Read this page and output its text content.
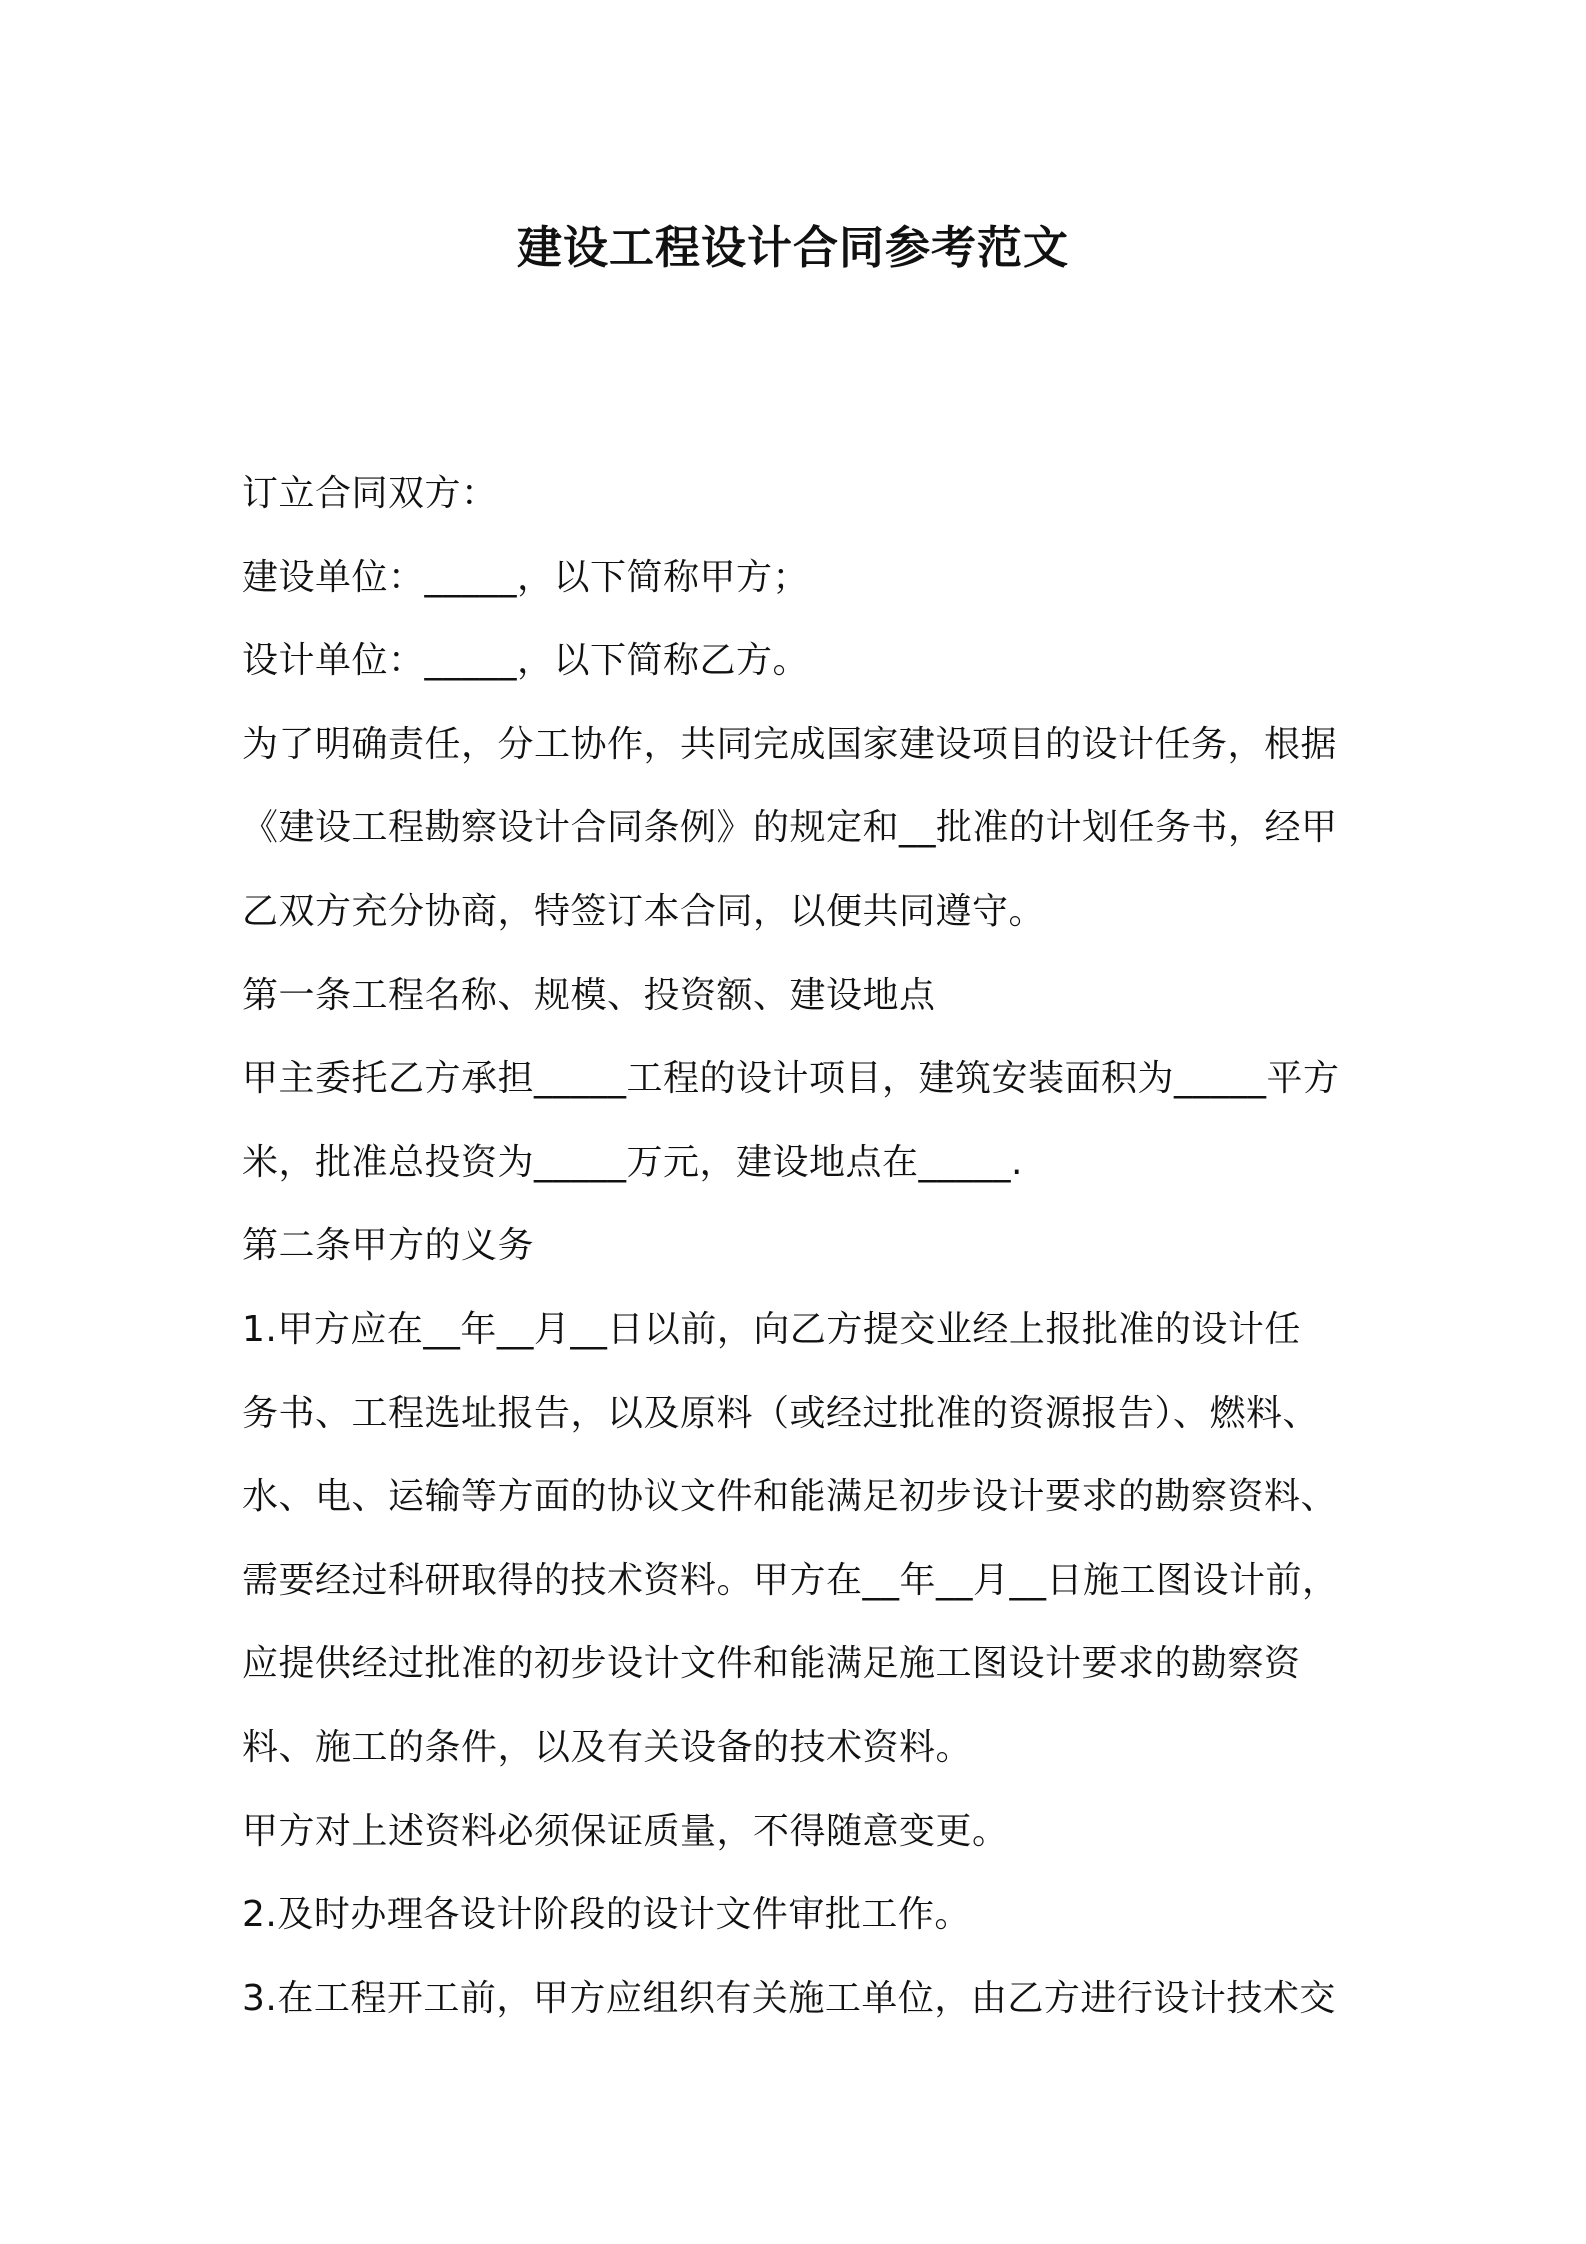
建设工程设计合同参考范文
订立合同双方：
建设单位：_____，以下简称甲方；
设计单位：_____，以下简称乙方。
为了明确责任，分工协作，共同完成国家建设项目的设计任务，根据
《建设工程勘察设计合同条例》的规定和__批准的计划任务书，经甲
乙双方充分协商，特签订本合同，以便共同遵守。
第一条工程名称、规模、投资额、建设地点
甲主委托乙方承担_____工程的设计项目，建筑安装面积为_____平方
米，批准总投资为_____万元，建设地点在_____.
第二条甲方的义务
1.甲方应在__年__月__日以前，向乙方提交业经上报批准的设计任
务书、工程选址报告，以及原料（或经过批准的资源报告）、燃料、
水、电、运输等方面的协议文件和能满足初步设计要求的勘察资料、
需要经过科研取得的技术资料。甲方在__年__月__日施工图设计前，
应提供经过批准的初步设计文件和能满足施工图设计要求的勘察资
料、施工的条件，以及有关设备的技术资料。
甲方对上述资料必须保证质量，不得随意变更。
2.及时办理各设计阶段的设计文件审批工作。
3.在工程开工前，甲方应组织有关施工单位，由乙方进行设计技术交
